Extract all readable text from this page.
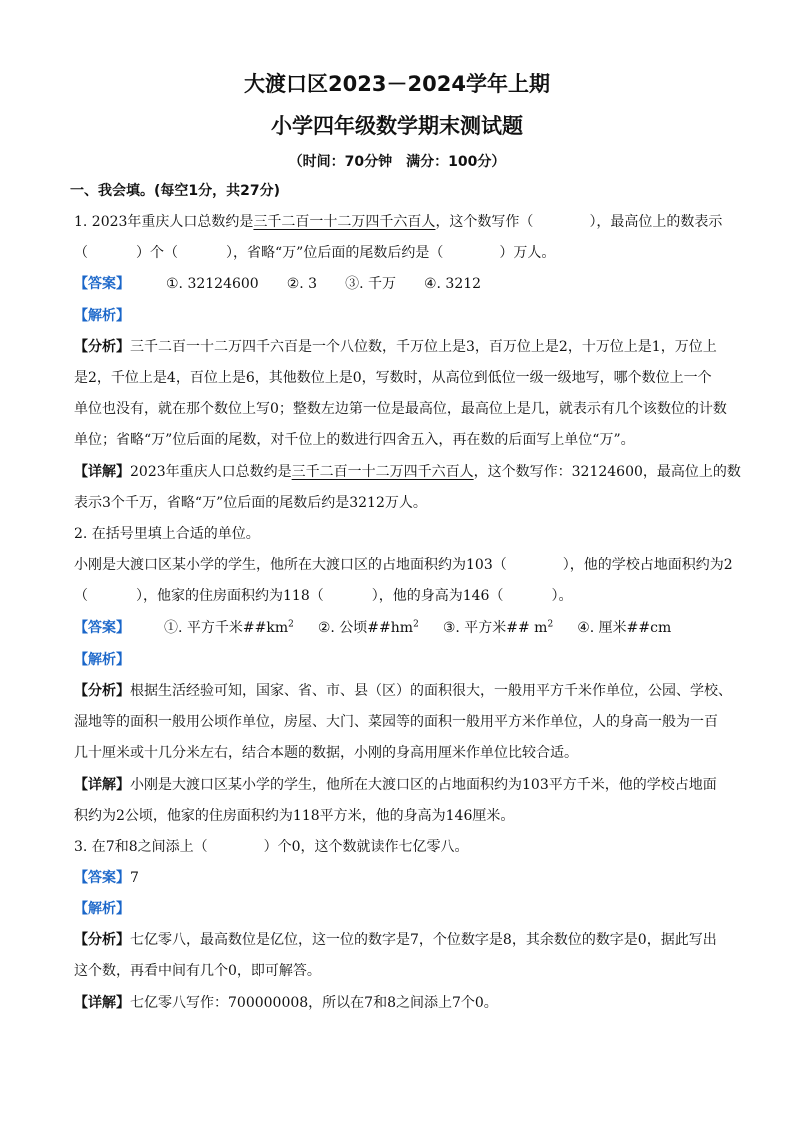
大渡口区2023－2024学年上期
小学四年级数学期末测试题
（时间：70分钟　满分：100分）
一、我会填。(每空1分，共27分)
1. 2023年重庆人口总数约是三千二百一十二万四千六百人，这个数写作（	），最高位上的数表示
（	）个（	），省略“万”位后面的尾数后约是（	）万人。
【答案】	①. 32124600 ②. 3 ③. 千万 ④. 3212
【解析】
【分析】三千二百一十二万四千六百是一个八位数，千万位上是3，百万位上是2，十万位上是1，万位上
是2，千位上是4，百位上是6，其他数位上是0，写数时，从高位到低位一级一级地写，哪个数位上一个
单位也没有，就在那个数位上写0；整数左边第一位是最高位，最高位上是几，就表示有几个该数位的计数
单位；省略“万”位后面的尾数，对千位上的数进行四舍五入，再在数的后面写上单位“万”。
【详解】2023年重庆人口总数约是三千二百一十二万四千六百人，这个数写作：32124600，最高位上的数
表示3个千万，省略“万”位后面的尾数后约是3212万人。
2. 在括号里填上合适的单位。
小刚是大渡口区某小学的学生，他所在大渡口区的占地面积约为103（	），他的学校占地面积约为2
（	），他家的住房面积约为118（	），他的身高为146（	）。
【答案】 ①. 平方千米$\#\#km^2$ ②. 公顷$\#\#hm^2$ ③. 平方米## $m^2$ ④. 厘米##cm
【解析】
【分析】根据生活经验可知，国家、省、市、县（区）的面积很大，一般用平方千米作单位，公园、学校、
湿地等的面积一般用公顷作单位，房屋、大门、菜园等的面积一般用平方米作单位，人的身高一般为一百
几十厘米或十几分米左右，结合本题的数据，小刚的身高用厘米作单位比较合适。
【详解】小刚是大渡口区某小学的学生，他所在大渡口区的占地面积约为103平方千米，他的学校占地面
积约为2公顷，他家的住房面积约为118平方米，他的身高为146厘米。
3. 在7和8之间添上（	）个0，这个数就读作七亿零八。
【答案】7
【解析】
【分析】七亿零八，最高数位是亿位，这一位的数字是7，个位数字是8，其余数位的数字是0，据此写出
这个数，再看中间有几个0，即可解答。
【详解】七亿零八写作：700000008，所以在7和8之间添上7个0。
